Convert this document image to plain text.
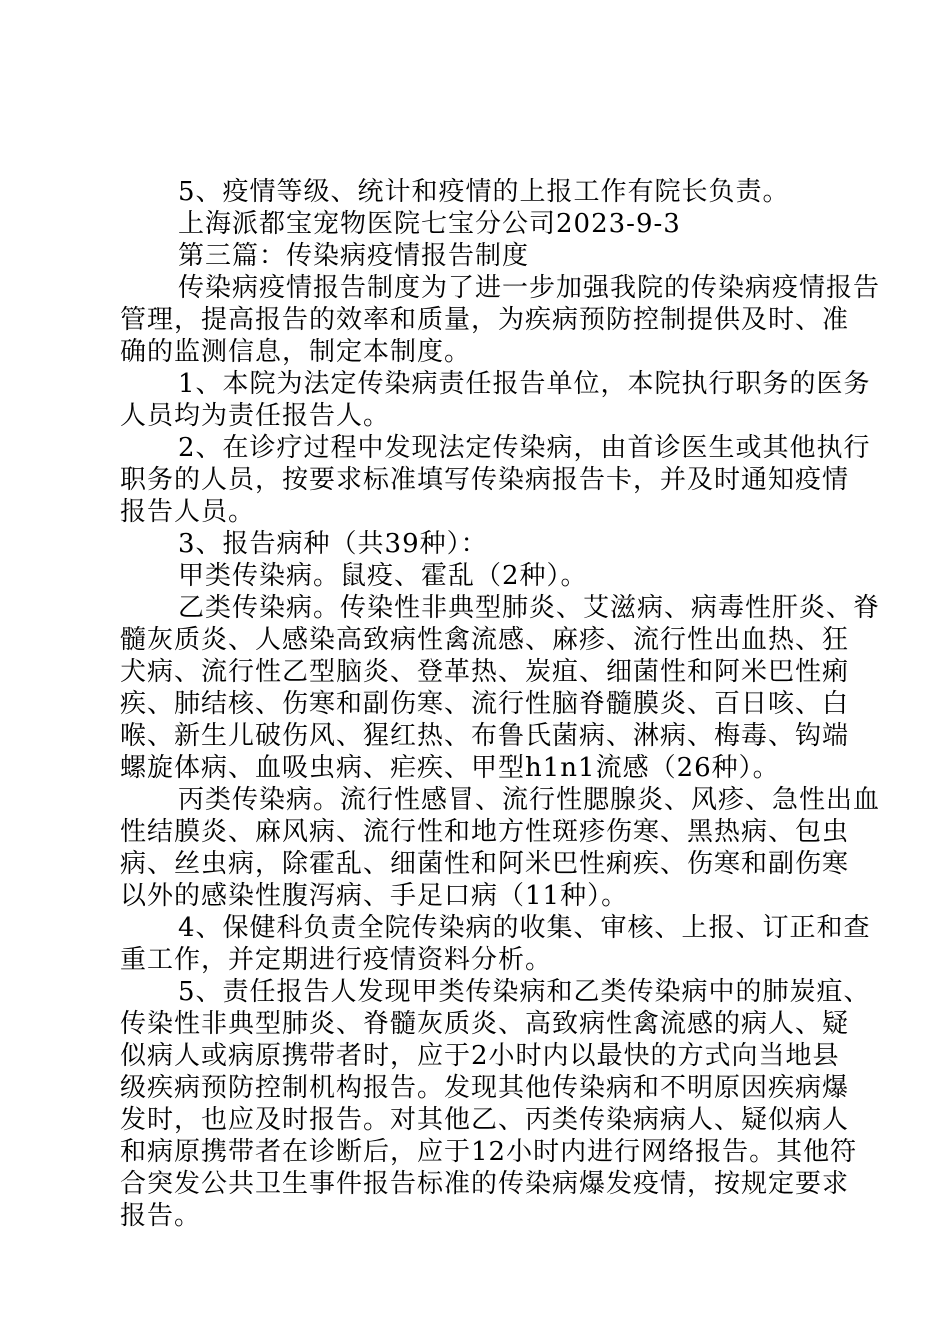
5、疫情等级、统计和疫情的上报工作有院长负责。
上海派都宝宠物医院七宝分公司2023-9-3
第三篇：传染病疫情报告制度
传染病疫情报告制度为了进一步加强我院的传染病疫情报告
管理，提高报告的效率和质量，为疾病预防控制提供及时、准
确的监测信息，制定本制度。
1、本院为法定传染病责任报告单位，本院执行职务的医务
人员均为责任报告人。
2、在诊疗过程中发现法定传染病，由首诊医生或其他执行
职务的人员，按要求标准填写传染病报告卡，并及时通知疫情
报告人员。
3、报告病种（共39种）：
甲类传染病。鼠疫、霍乱（2种）。
乙类传染病。传染性非典型肺炎、艾滋病、病毒性肝炎、脊
髓灰质炎、人感染高致病性禽流感、麻疹、流行性出血热、狂
犬病、流行性乙型脑炎、登革热、炭疽、细菌性和阿米巴性痢
疾、肺结核、伤寒和副伤寒、流行性脑脊髓膜炎、百日咳、白
喉、新生儿破伤风、猩红热、布鲁氏菌病、淋病、梅毒、钩端
螺旋体病、血吸虫病、疟疾、甲型h1n1流感（26种）。
丙类传染病。流行性感冒、流行性腮腺炎、风疹、急性出血
性结膜炎、麻风病、流行性和地方性斑疹伤寒、黑热病、包虫
病、丝虫病，除霍乱、细菌性和阿米巴性痢疾、伤寒和副伤寒
以外的感染性腹泻病、手足口病（11种）。
4、保健科负责全院传染病的收集、审核、上报、订正和查
重工作，并定期进行疫情资料分析。
5、责任报告人发现甲类传染病和乙类传染病中的肺炭疽、
传染性非典型肺炎、脊髓灰质炎、高致病性禽流感的病人、疑
似病人或病原携带者时，应于2小时内以最快的方式向当地县
级疾病预防控制机构报告。发现其他传染病和不明原因疾病爆
发时，也应及时报告。对其他乙、丙类传染病病人、疑似病人
和病原携带者在诊断后，应于12小时内进行网络报告。其他符
合突发公共卫生事件报告标准的传染病爆发疫情，按规定要求
报告。
